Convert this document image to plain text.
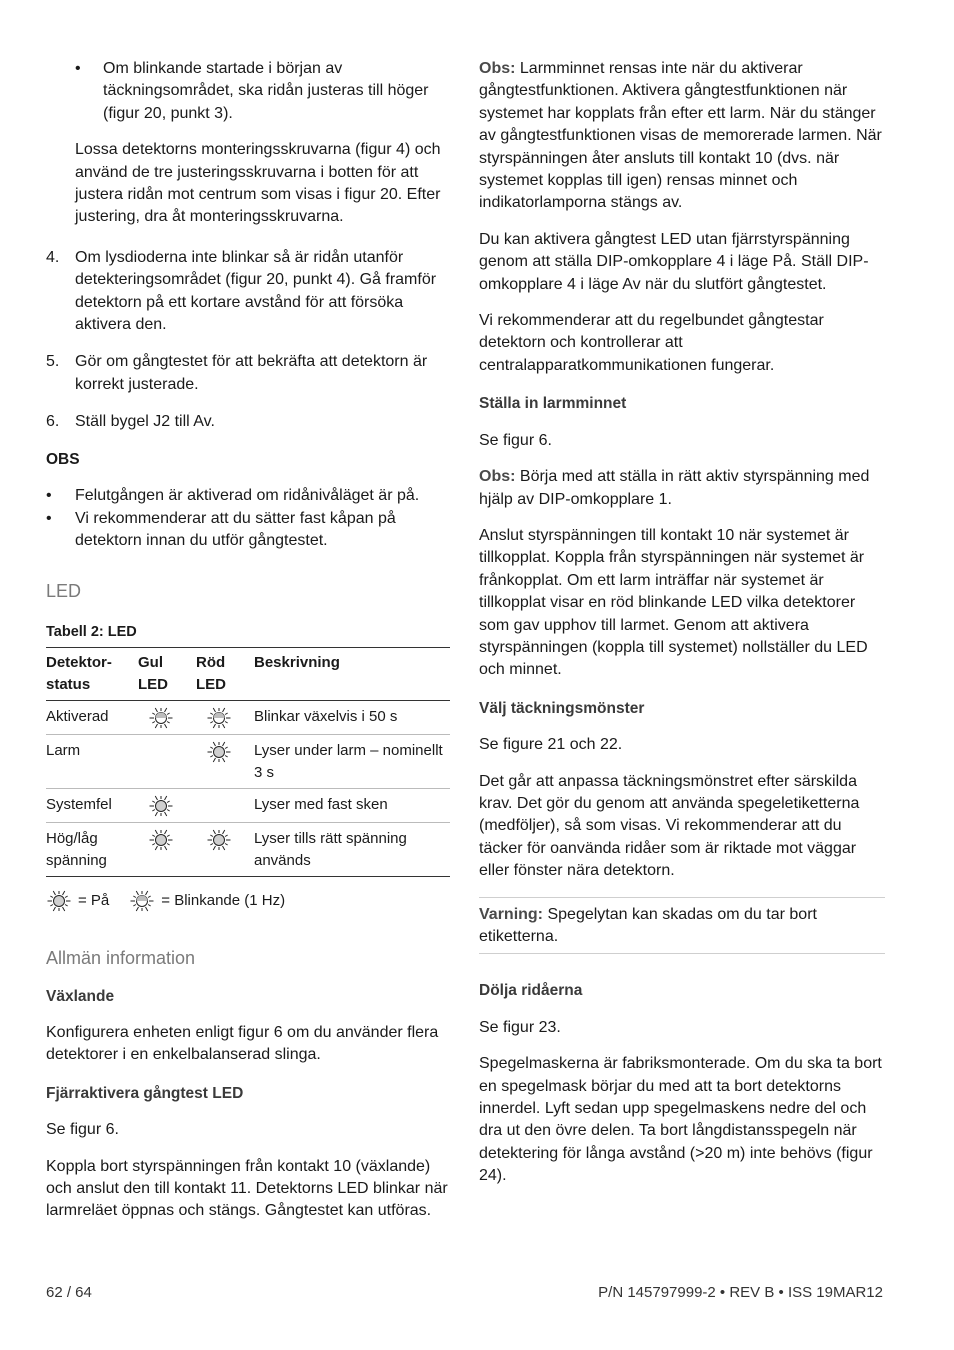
• Om blinkande startade i början av täckningsområdet, ska ridån justeras till höger (figur 20, punkt 3).

Lossa detektorns monteringsskruvarna (figur 4) och använd de tre justeringsskruvarna i botten för att justera ridån mot centrum som visas i figur 20. Efter justering, dra åt monteringsskruvarna.

4. Om lysdioderna inte blinkar så är ridån utanför detekteringsområdet (figur 20, punkt 4). Gå framför detektorn på ett kortare avstånd för att försöka aktivera den.

5. Gör om gångtestet för att bekräfta att detektorn är korrekt justerade.

6. Ställ bygel J2 till Av.

OBS

• Felutgången är aktiverad om ridånivåläget är på.

• Vi rekommenderar att du sätter fast kåpan på detektorn innan du utför gångtestet.

LED

Tabell 2: LED

Detektor-status	Gul LED	Röd LED	Beskrivning
Aktiverad			Blinkar växelvis i 50 s
Larm			Lyser under larm – nominellt 3 s
Systemfel			Lyser med fast sken
Hög/låg spänning			Lyser tills rätt spänning används
= På	= Blinkande (1 Hz)

Allmän information

Växlande

Konfigurera enheten enligt figur 6 om du använder flera detektorer i en enkelbalanserad slinga.

Fjärraktivera gångtest LED

Se figur 6.

Koppla bort styrspänningen från kontakt 10 (växlande) och anslut den till kontakt 11. Detektorns LED blinkar när larmreläet öppnas och stängs. Gångtestet kan utföras.

Obs: Larmminnet rensas inte när du aktiverar gångtestfunktionen. Aktivera gångtestfunktionen när systemet har kopplats från efter ett larm. När du stänger av gångtestfunktionen visas de memorerade larmen. När styrspänningen åter ansluts till kontakt 10 (dvs. när systemet kopplas till igen) rensas minnet och indikatorlamporna stängs av.

Du kan aktivera gångtest LED utan fjärrstyrspänning genom att ställa DIP-omkopplare 4 i läge På. Ställ DIP-omkopplare 4 i läge Av när du slutfört gångtestet.

Vi rekommenderar att du regelbundet gångtestar detektorn och kontrollerar att centralapparatkommunikationen fungerar.

Ställa in larmminnet

Se figur 6.

Obs: Börja med att ställa in rätt aktiv styrspänning med hjälp av DIP-omkopplare 1.

Anslut styrspänningen till kontakt 10 när systemet är tillkopplat. Koppla från styrspänningen när systemet är frånkopplat. Om ett larm inträffar när systemet är tillkopplat visar en röd blinkande LED vilka detektorer som gav upphov till larmet. Genom att aktivera styrspänningen (koppla till systemet) nollställer du LED och minnet.

Välj täckningsmönster

Se figure 21 och 22.

Det går att anpassa täckningsmönstret efter särskilda krav. Det gör du genom att använda spegeletiketterna (medföljer), så som visas. Vi rekommenderar att du täcker för oanvända ridåer som är riktade mot väggar eller fönster nära detektorn.

Varning: Spegelytan kan skadas om du tar bort etiketterna.

Dölja ridåerna

Se figur 23.

Spegelmaskerna är fabriksmonterade. Om du ska ta bort en spegelmask börjar du med att ta bort detektorns innerdel. Lyft sedan upp spegelmaskens nedre del och dra ut den övre delen. Ta bort långdistansspegeln när detektering för långa avstånd (>20 m) inte behövs (figur 24).

62 / 64	P/N 145797999-2 • REV B • ISS 19MAR12
